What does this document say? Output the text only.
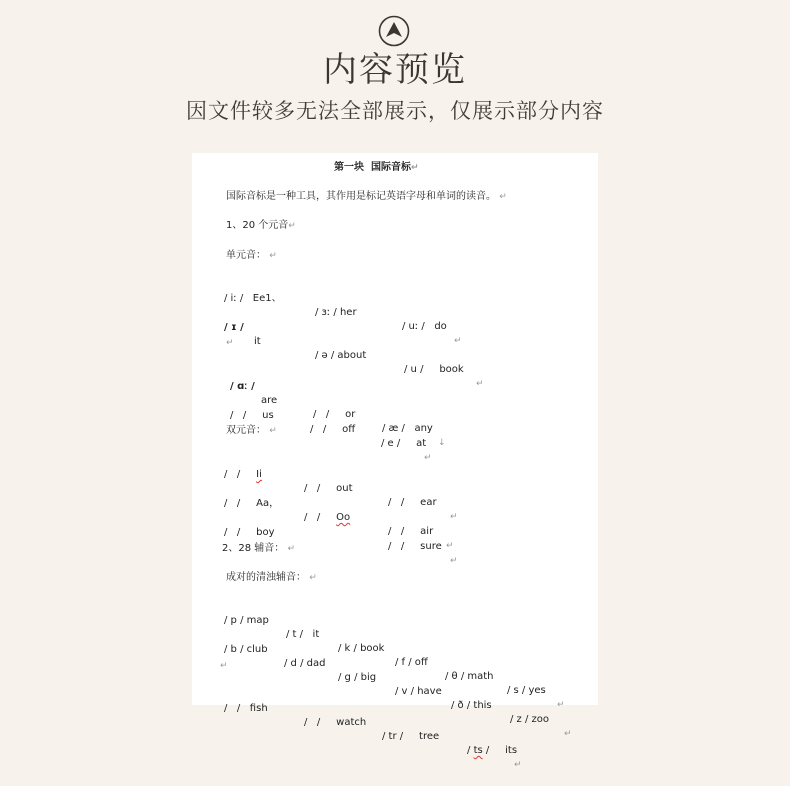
内容预览
因文件较多无法全部展示，仅展示部分内容
第一块  国际音标↵
国际音标是一种工具，其作用是标记英语字母和单词的读音。 ↵
1、20 个元音↵
单元音： ↵

/ iː /   Ee1、

/ ɜː / her

/ uː /   do

↵

/ ɪ /

it

/ ə / about

/ u /     book

↵

↵

/ ɑː /

are

/   /     or

/ æ /   any

↓

/   /     us

/   /     off

/ e /     at

↵

双元音： ↵

/   /     Ii

/   /     out

/   /     ear

↵

/   /     Aa，

/   /     Oo

/   /     air

↵

/   /     boy

/   /     sure

↵

2、28 辅音： ↵
成对的清浊辅音： ↵

/ p / map

/ t /   it

/ k / book

/ f / off

/ θ / math

/ s / yes

↵

/ b / club

/ d / dad

/ g / big

/ v / have

/ ð / this

/ z / zoo

↵

↵

/   /   fish

/   /     watch

/ tr /     tree

/ ts /     its

↵
